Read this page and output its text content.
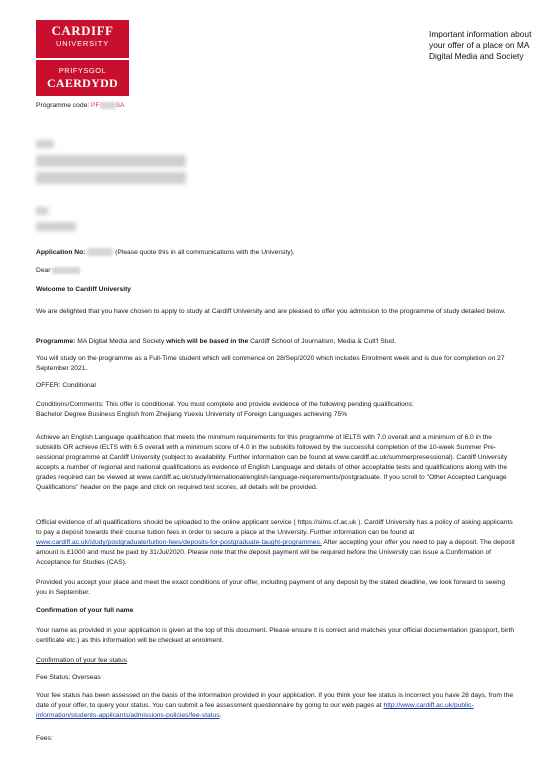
CARDIFF
UNIVERSITY
PRIFYSGOL
CAERDYDD
Important information about your offer of a place on MA Digital Media and Society
Programme code: PF SA
Application No:	(Please quote this in all communications with the University).
Dear
Welcome to Cardiff University
We are delighted that you have chosen to apply to study at Cardiff University and are pleased to offer you admission to the programme of study detailed below.
Programme: MA Digital Media and Society which will be based in the Cardiff School of Journalism, Media & Cult'l Stud.
You will study on the programme as a Full-Time student which will commence on 28/Sep/2020 which includes Enrolment week and is due for completion on 27 September 2021.
OFFER: Conditional
Conditions/Comments: This offer is conditional. You must complete and provide evidence of the following pending qualifications:
Bachelor Degree Business English from Zhejiang Yuexiu University of Foreign Languages achieving 75%
Achieve an English Language qualification that meets the minimum requirements for this programme of IELTS with 7.0 overall and a minimum of 6.0 in the subskills OR achieve IELTS with 6.5 overall with a minimum score of 4.0 in the subskills followed by the successful completion of the 10-week Summer Pre-sessional programme at Cardiff University (subject to availability. Further information can be found at www.cardiff.ac.uk/summerpresessional). Cardiff University accepts a number of regional and national qualifications as evidence of English Language and details of other acceptable tests and qualifications along with the grades required can be viewed at www.cardiff.ac.uk/study/international/english-language-requirements/postgraduate. If you scroll to "Other Accepted Language Qualifications" header on the page and click on required test scores, all details will be provided.
Official evidence of all qualifications should be uploaded to the online applicant service ( https://sims.cf.ac.uk ). Cardiff University has a policy of asking applicants to pay a deposit towards their course tuition fees in order to secure a place at the University. Further information can be found at www.cardiff.ac.uk/study/postgraduate/tuition-fees/deposits-for-postgraduate-taught-programmes. After accepting your offer you need to pay a deposit. The deposit amount is £1000 and must be paid by 31/Jul/2020. Please note that the deposit payment will be required before the University can issue a Confirmation of Acceptance for Studies (CAS).
Provided you accept your place and meet the exact conditions of your offer, including payment of any deposit by the stated deadline, we look forward to seeing you in September.
Confirmation of your full name
Your name as provided in your application is given at the top of this document. Please ensure it is correct and matches your official documentation (passport, birth certificate etc.) as this information will be checked at enrolment.
Confirmation of your fee status
Fee Status: Overseas
Your fee status has been assessed on the basis of the information provided in your application. If you think your fee status is incorrect you have 28 days, from the date of your offer, to query your status. You can submit a fee assessment questionnaire by going to our web pages at http://www.cardiff.ac.uk/public-information/students-applicants/admissions-policies/fee-status.
Fees:
